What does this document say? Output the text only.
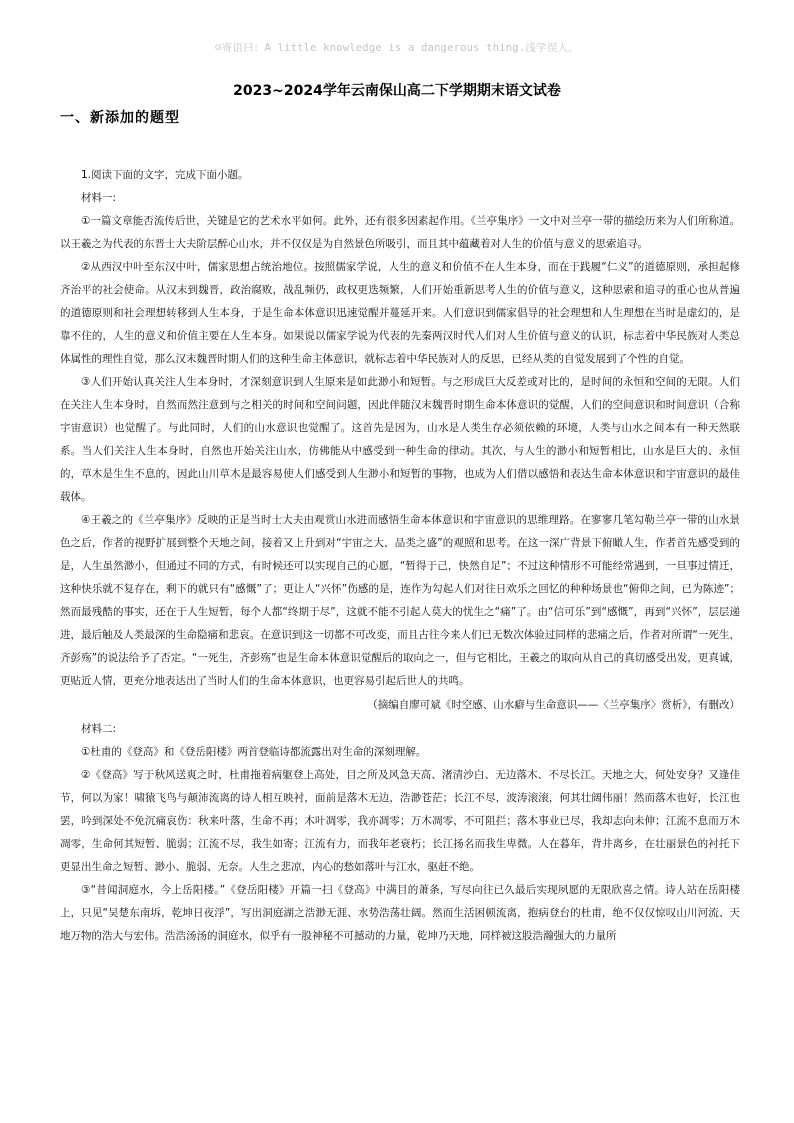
☺寄语曰：A little knowledge is a dangerous thing.浅学误人。
2023~2024学年云南保山高二下学期期末语文试卷
一、新添加的题型

1.阅读下面的文字，完成下面小题。

材料一:

①一篇文章能否流传后世，关键是它的艺术水平如何。此外，还有很多因素起作用。《兰亭集序》一文中对兰亭一带的描绘历来为人们所称道。以王羲之为代表的东晋士大夫阶层醉心山水，并不仅仅是为自然景色所吸引，而且其中蕴藏着对人生的价值与意义的思索追寻。

②从西汉中叶至东汉中叶，儒家思想占统治地位。按照儒家学说，人生的意义和价值不在人生本身，而在于践履“仁义”的道德原则，承担起修齐治平的社会使命。从汉末到魏晋，政治腐败，战乱频仍，政权更迭频繁，人们开始重新思考人生的价值与意义，这种思索和追寻的重心也从普遍的道德原则和社会理想转移到人生本身，于是生命本体意识迅速觉醒并蔓延开来。人们意识到儒家倡导的社会理想和人生理想在当时是虚幻的，是靠不住的，人生的意义和价值主要在人生本身。如果说以儒家学说为代表的先秦两汉时代人们对人生价值与意义的认识，标志着中华民族对人类总体属性的理性自觉，那么汉末魏晋时期人们的这种生命主体意识，就标志着中华民族对人的反思，已经从类的自觉发展到了个性的自觉。

③人们开始认真关注人生本身时，才深刻意识到人生原来是如此渺小和短暂。与之形成巨大反差或对比的，是时间的永恒和空间的无限。人们在关注人生本身时，自然而然注意到与之相关的时间和空间问题，因此伴随汉末魏晋时期生命本体意识的觉醒，人们的空间意识和时间意识（合称宇宙意识）也觉醒了。与此同时，人们的山水意识也觉醒了。这首先是因为，山水是人类生存必须依赖的环境，人类与山水之间本有一种天然联系。当人们关注人生本身时，自然也开始关注山水，仿佛能从中感受到一种生命的律动。其次，与人生的渺小和短暂相比，山水是巨大的、永恒的，草木是生生不息的，因此山川草木是最容易使人们感受到人生渺小和短暂的事物，也成为人们借以感悟和表达生命本体意识和宇宙意识的最佳载体。

④王羲之的《兰亭集序》反映的正是当时士大夫由观赏山水进而感悟生命本体意识和宇宙意识的思维理路。在寥寥几笔勾勒兰亭一带的山水景色之后，作者的视野扩展到整个天地之间，接着又上升到对“宇宙之大，品类之盛”的观照和思考。在这一深广背景下俯瞰人生，作者首先感受到的是，人生虽然渺小，但通过不同的方式，有时候还可以实现自己的心愿，“暂得于己，快然自足”；不过这种情形不可能经常遇到，一旦事过情迁，这种快乐就不复存在，剩下的就只有“感慨”了；更让人“兴怀”伤感的是，连作为勾起人们对往日欢乐之回忆的种种场景也“俯仰之间，已为陈迹”；然而最残酷的事实，还在于人生短暂，每个人都“终期于尽”，这就不能不引起人莫大的忧生之“痛”了。由“信可乐”到“感慨”，再到“兴怀”，层层递进，最后触及人类最深的生命隐痛和悲哀。在意识到这一切都不可改变，而且古往今来人们已无数次体验过同样的悲痛之后，作者对所谓“一死生，齐彭殇”的说法给予了否定。“一死生，齐彭殇”也是生命本体意识觉醒后的取向之一，但与它相比，王羲之的取向从自己的真切感受出发，更真诚，更贴近人情，更充分地表达出了当时人们的生命本体意识，也更容易引起后世人的共鸣。

（摘编自廖可斌《时空感、山水癖与生命意识——〈兰亭集序〉赏析》，有删改）

材料二:

①杜甫的《登高》和《登岳阳楼》两首登临诗都流露出对生命的深刻理解。

②《登高》写于秋风送爽之时，杜甫拖着病躯登上高处，目之所及风急天高、渚清沙白、无边落木、不尽长江。天地之大，何处安身？又逢佳节，何以为家！啸猿飞鸟与颠沛流离的诗人相互映衬，面前是落木无边，浩渺苍茫；长江不尽，波涛滚滚，何其壮阔伟丽！然而落木也好，长江也罢，吟到深处不免沉痛哀伤：秋来叶落，生命不再；木叶凋零，我亦凋零；万木凋零，不可阻拦；落木事业已尽，我却志向未伸；江流不息而万木凋零，生命何其短暂、脆弱；江流不尽，我生如寄；江流有力，而我年老衰朽；长江扬名而我生卑微。人在暮年，背井离乡，在壮丽景色的衬托下更显出生命之短暂、渺小、脆弱、无奈。人生之悲凉，内心的愁如落叶与江水，驱赶不绝。

③“昔闻洞庭水，今上岳阳楼。”《登岳阳楼》开篇一扫《登高》中满目的萧条，写尽向往已久最后实现夙愿的无限欣喜之情。诗人站在岳阳楼上，只见“吴楚东南坼，乾坤日夜浮”，写出洞庭湖之浩渺无涯、水势浩荡壮阔。然而生活困顿流离，抱病登台的杜甫，绝不仅仅惊叹山川河流、天地万物的浩大与宏伟。浩浩汤汤的洞庭水，似乎有一股神秘不可撼动的力量，乾坤乃天地，同样被这股浩瀚强大的力量所
